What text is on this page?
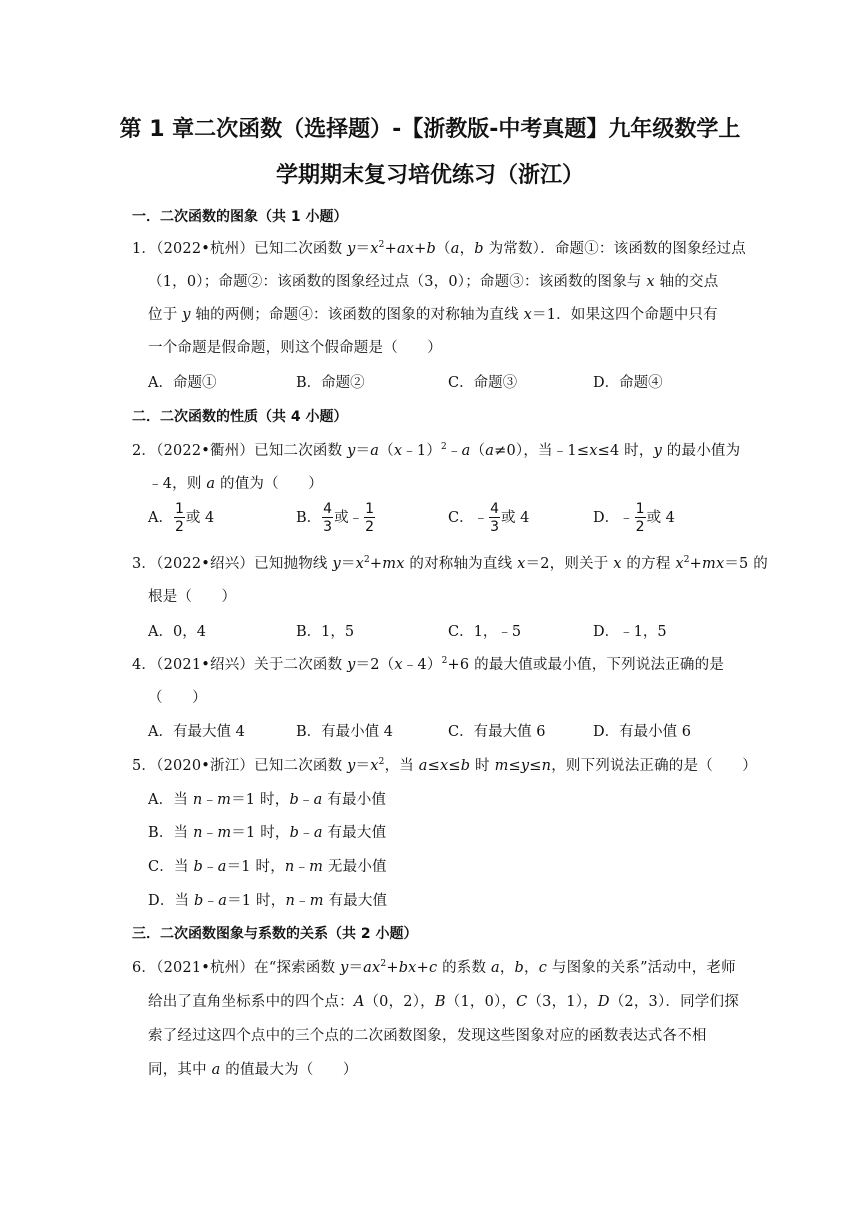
第 1 章二次函数（选择题）-【浙教版-中考真题】九年级数学上
学期期末复习培优练习（浙江）
一．二次函数的图象（共 1 小题）
1．（2022•杭州）已知二次函数 $y=x^2+ax+b(a$，b 为常数）．命题①：该函数的图象经过点
（1，0）；命题②：该函数的图象经过点（3，0）；命题③：该函数的图象与 x 轴的交点
位于 y 轴的两侧；命题④：该函数的图象的对称轴为直线 x＝1．如果这四个命题中只有
一个命题是假命题，则这个假命题是（　　）
A．命题①	B．命题②	C．命题③	D．命题④
二．二次函数的性质（共 4 小题）
2．（2022•衢州）已知二次函数 y＝a（x﹣1）$^2$﹣a（a≠0），当﹣1≤x≤4 时，y 的最小值为
﹣4，则 a 的值为（　　）
A． $\frac{1}{2}$ 或 4	B． $\frac{4}{3}$ 或﹣ $\frac{1}{2}$	C．﹣ $\frac{4}{3}$ 或 4	D．﹣ $\frac{1}{2}$ 或 4
3．（2022•绍兴）已知抛物线 $y=x^2+mx$ 的对称轴为直线 x＝2，则关于 x 的方程 $x^2+mx=5$ 的
根是（　　）
A．0，4	B．1，5	C．1，﹣5	D．﹣1，5
4．（2021•绍兴）关于二次函数 y＝2（x﹣4）$^2$+6 的最大值或最小值，下列说法正确的是
（　　）
A．有最大值 4	B．有最小值 4	C．有最大值 6	D．有最小值 6
5．（2020•浙江）已知二次函数 $y=x^2$，当 a≤x≤b 时 m≤y≤n，则下列说法正确的是（　　）
A．当 n﹣m＝1 时，b﹣a 有最小值
B．当 n﹣m＝1 时，b﹣a 有最大值
C．当 b﹣a＝1 时，n﹣m 无最小值
D．当 b﹣a＝1 时，n﹣m 有最大值
三．二次函数图象与系数的关系（共 2 小题）
6．（2021•杭州）在“探索函数 $y=ax^2+bx+c$ 的系数 a，b，c 与图象的关系”活动中，老师
给出了直角坐标系中的四个点：A（0，2），B（1，0），C（3，1），D（2，3）．同学们探
索了经过这四个点中的三个点的二次函数图象，发现这些图象对应的函数表达式各不相
同，其中 a 的值最大为（　　）
